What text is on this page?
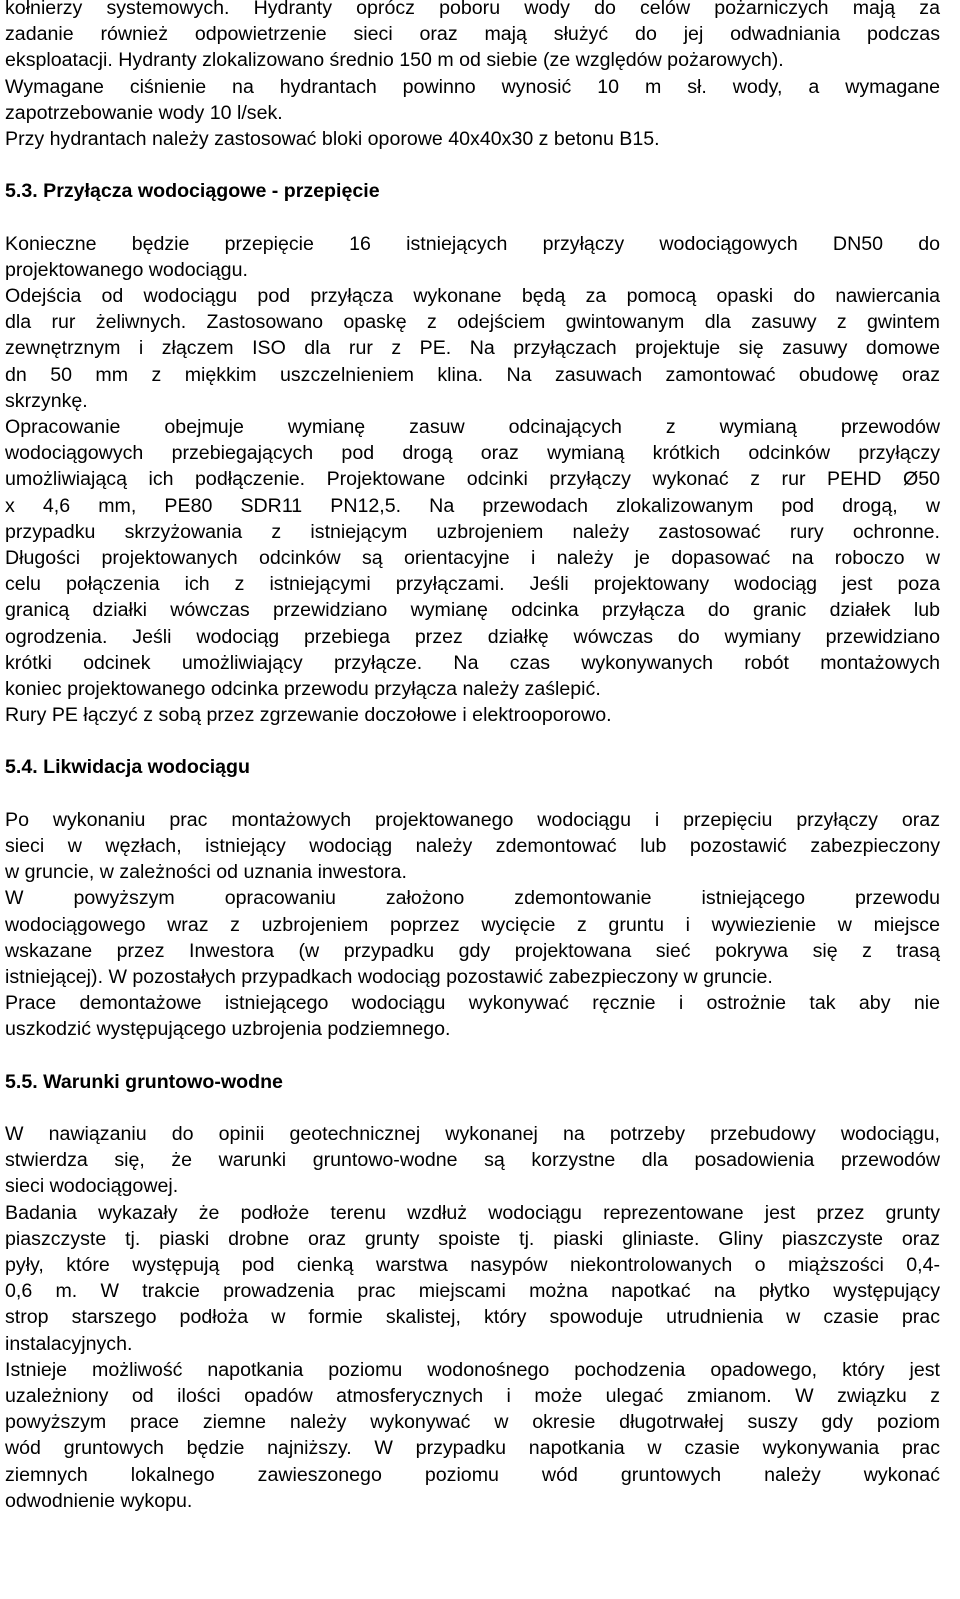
kołnierzy systemowych. Hydranty oprócz poboru wody do celów pożarniczych mają za
zadanie również odpowietrzenie sieci oraz mają służyć do jej odwadniania podczas
eksploatacji. Hydranty zlokalizowano średnio 150 m od siebie (ze względów pożarowych).
Wymagane ciśnienie na hydrantach powinno wynosić 10 m sł. wody, a wymagane
zapotrzebowanie wody 10 l/sek.
Przy hydrantach należy zastosować bloki oporowe 40x40x30 z betonu B15.
5.3. Przyłącza wodociągowe - przepięcie
Konieczne będzie przepięcie 16 istniejących przyłączy wodociągowych DN50 do
projektowanego wodociągu.
Odejścia od wodociągu pod przyłącza wykonane będą za pomocą opaski do nawiercania
dla rur żeliwnych. Zastosowano opaskę z odejściem gwintowanym dla zasuwy z gwintem
zewnętrznym i złączem ISO dla rur z PE. Na przyłączach projektuje się zasuwy domowe
dn 50 mm z miękkim uszczelnieniem klina. Na zasuwach zamontować obudowę oraz
skrzynkę.
Opracowanie obejmuje wymianę zasuw odcinających z wymianą przewodów
wodociągowych przebiegających pod drogą oraz wymianą krótkich odcinków przyłączy
umożliwiającą ich podłączenie. Projektowane odcinki przyłączy wykonać z rur PEHD Ø50
x 4,6 mm, PE80 SDR11 PN12,5. Na przewodach zlokalizowanym pod drogą, w
przypadku skrzyżowania z istniejącym uzbrojeniem należy zastosować rury ochronne.
Długości projektowanych odcinków są orientacyjne i należy je dopasować na roboczo w
celu połączenia ich z istniejącymi przyłączami. Jeśli projektowany wodociąg jest poza
granicą działki wówczas przewidziano wymianę odcinka przyłącza do granic działek lub
ogrodzenia. Jeśli wodociąg przebiega przez działkę wówczas do wymiany przewidziano
krótki odcinek umożliwiający przyłącze. Na czas wykonywanych robót montażowych
koniec projektowanego odcinka przewodu przyłącza należy zaślepić.
Rury PE łączyć z sobą przez zgrzewanie doczołowe i elektrooporowo.
5.4. Likwidacja wodociągu
Po wykonaniu prac montażowych projektowanego wodociągu i przepięciu przyłączy oraz
sieci w węzłach, istniejący wodociąg należy zdemontować lub pozostawić zabezpieczony
w gruncie, w zależności od uznania inwestora.
W powyższym opracowaniu założono zdemontowanie istniejącego przewodu
wodociągowego wraz z uzbrojeniem poprzez wycięcie z gruntu i wywiezienie w miejsce
wskazane przez Inwestora (w przypadku gdy projektowana sieć pokrywa się z trasą
istniejącej). W pozostałych przypadkach wodociąg pozostawić zabezpieczony w gruncie.
Prace demontażowe istniejącego wodociągu wykonywać ręcznie i ostrożnie tak aby nie
uszkodzić występującego uzbrojenia podziemnego.
5.5. Warunki gruntowo-wodne
W nawiązaniu do opinii geotechnicznej wykonanej na potrzeby przebudowy wodociągu,
stwierdza się, że warunki gruntowo-wodne są korzystne dla posadowienia przewodów
sieci wodociągowej.
Badania wykazały że podłoże terenu wzdłuż wodociągu reprezentowane jest przez grunty
piaszczyste tj. piaski drobne oraz grunty spoiste tj. piaski gliniaste. Gliny piaszczyste oraz
pyły, które występują pod cienką warstwa nasypów niekontrolowanych o miąższości 0,4-
0,6 m. W trakcie prowadzenia prac miejscami można napotkać na płytko występujący
strop starszego podłoża w formie skalistej, który spowoduje utrudnienia w czasie prac
instalacyjnych.
Istnieje możliwość napotkania poziomu wodonośnego pochodzenia opadowego, który jest
uzależniony od ilości opadów atmosferycznych i może ulegać zmianom. W związku z
powyższym prace ziemne należy wykonywać w okresie długotrwałej suszy gdy poziom
wód gruntowych będzie najniższy. W przypadku napotkania w czasie wykonywania prac
ziemnych lokalnego zawieszonego poziomu wód gruntowych należy wykonać
odwodnienie wykopu.
